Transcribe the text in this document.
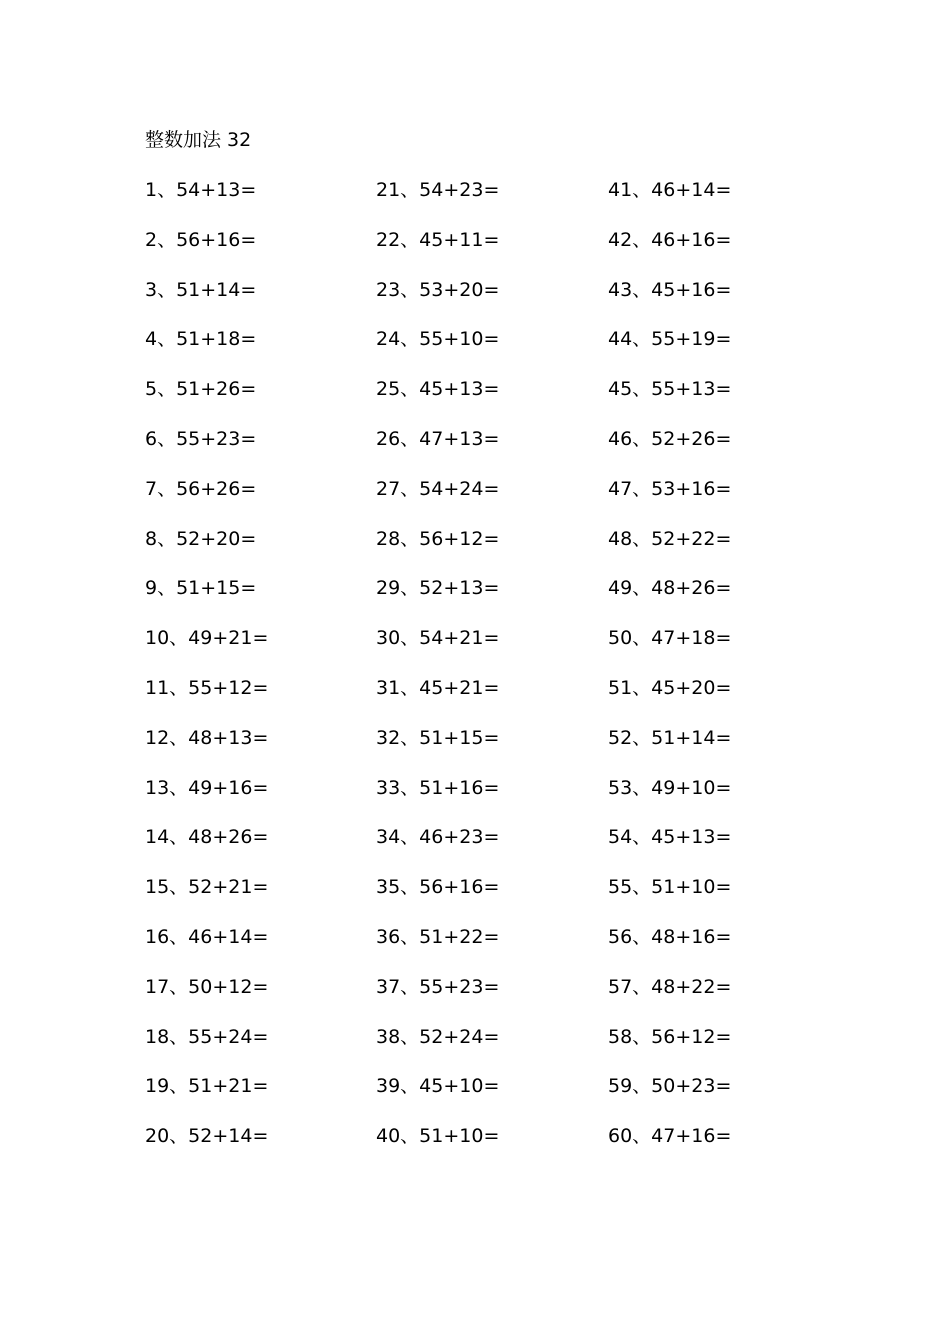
整数加法 32
1、54+13=
2、56+16=
3、51+14=
4、51+18=
5、51+26=
6、55+23=
7、56+26=
8、52+20=
9、51+15=
10、49+21=
11、55+12=
12、48+13=
13、49+16=
14、48+26=
15、52+21=
16、46+14=
17、50+12=
18、55+24=
19、51+21=
20、52+14=
21、54+23=
22、45+11=
23、53+20=
24、55+10=
25、45+13=
26、47+13=
27、54+24=
28、56+12=
29、52+13=
30、54+21=
31、45+21=
32、51+15=
33、51+16=
34、46+23=
35、56+16=
36、51+22=
37、55+23=
38、52+24=
39、45+10=
40、51+10=
41、46+14=
42、46+16=
43、45+16=
44、55+19=
45、55+13=
46、52+26=
47、53+16=
48、52+22=
49、48+26=
50、47+18=
51、45+20=
52、51+14=
53、49+10=
54、45+13=
55、51+10=
56、48+16=
57、48+22=
58、56+12=
59、50+23=
60、47+16=
